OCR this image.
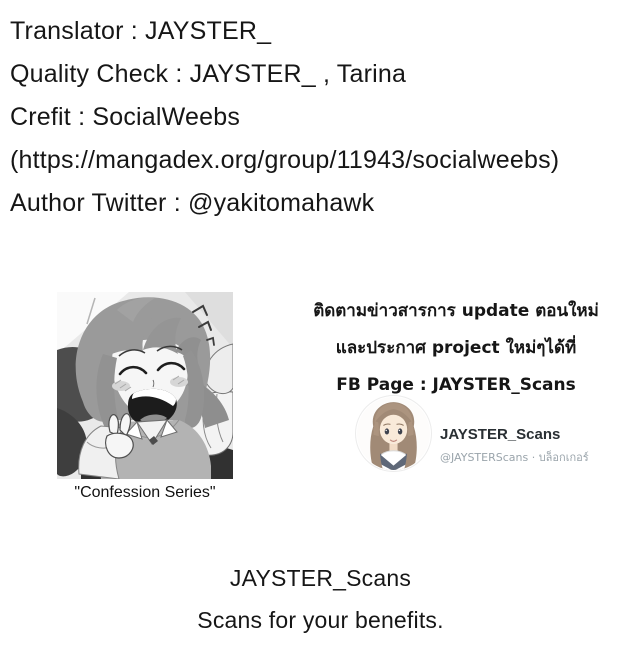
Translator : JAYSTER_
Quality Check : JAYSTER_ , Tarina
Crefit : SocialWeebs
(https://mangadex.org/group/11943/socialweebs)
Author Twitter : @yakitomahawk
"Confession Series"
ติดตามข่าวสารการ update ตอนใหม่
และประกาศ project ใหม่ๆได้ที่
FB Page : JAYSTER_Scans
JAYSTER_Scans
@JAYSTERScans · บล็อกเกอร์
JAYSTER_Scans
Scans for your benefits.
